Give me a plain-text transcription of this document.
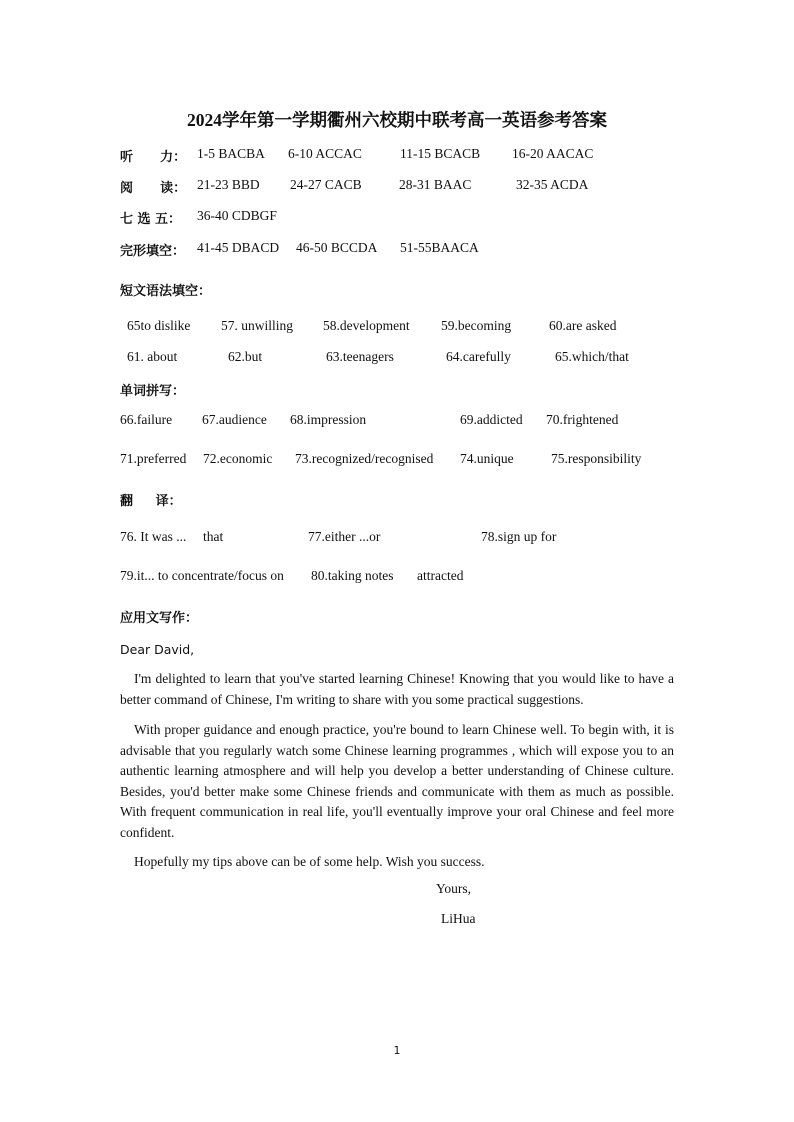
2024学年第一学期衢州六校期中联考高一英语参考答案
听      力： 1-5 BACBA 6-10 ACCAC	11-15 BCACB 16-20 AACAC
阅      读： 21-23 BBD 24-27 CACB	28-31 BAAC	32-35 ACDA
七 选 五： 36-40 CDBGF
完形填空： 41-45 DBACD 46-50 BCCDA 51-55BAACA
短文语法填空：
65to dislike 57. unwilling 58.development 59.becoming	60.are asked
61. about	62.but	63.teenagers	64.carefully	65.which/that
单词拼写：
66.failure 67.audience 68.impression	69.addicted 70.frightened
71.preferred 72.economic 73.recognized/recognised 74.unique	75.responsibility
翻     译：
76. It was ... that	77.either ...or	78.sign up for
79.it... to concentrate/focus on 80.taking notes attracted
应用文写作：
Dear David,
I'm delighted to learn that you've started learning Chinese! Knowing that you would like to have a better command of Chinese, I'm writing to share with you some practical suggestions.
With proper guidance and enough practice, you're bound to learn Chinese well. To begin with, it is advisable that you regularly watch some Chinese learning programmes , which will expose you to an authentic learning atmosphere and will help you develop a better understanding of Chinese culture. Besides, you'd better make some Chinese friends and communicate with them as much as possible. With frequent communication in real life, you'll eventually improve your oral Chinese and feel more confident.
Hopefully my tips above can be of some help. Wish you success.
Yours,
LiHua
1
